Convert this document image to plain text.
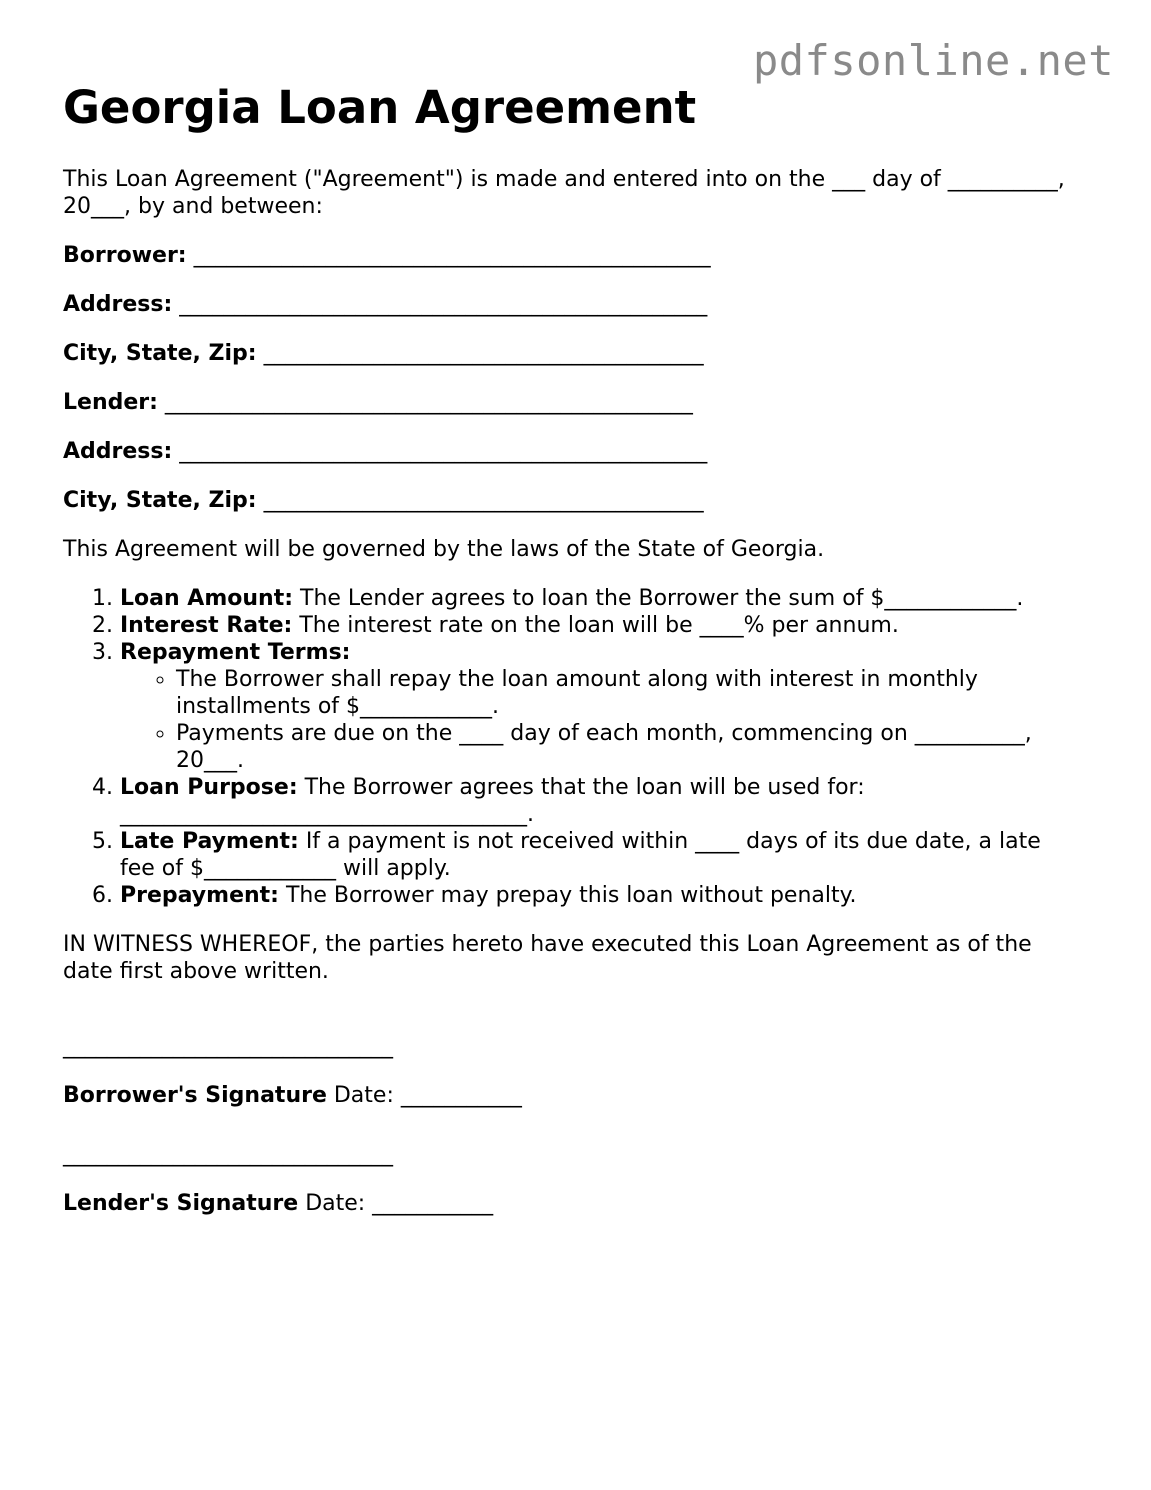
pdfsonline.net
Georgia Loan Agreement

This Loan Agreement ("Agreement") is made and entered into on the ___ day of __________, 20___, by and between:

Borrower: _______________________________________________
Address: ________________________________________________
City, State, Zip: ________________________________________
Lender: ________________________________________________
Address: ________________________________________________
City, State, Zip: ________________________________________

This Agreement will be governed by the laws of the State of Georgia.

1. Loan Amount: The Lender agrees to loan the Borrower the sum of $____________.
2. Interest Rate: The interest rate on the loan will be ____% per annum.
3. Repayment Terms:
◦ The Borrower shall repay the loan amount along with interest in monthly installments of $____________.
◦ Payments are due on the ____ day of each month, commencing on __________, 20___.
4. Loan Purpose: The Borrower agrees that the loan will be used for: _____________________________________.
5. Late Payment: If a payment is not received within ____ days of its due date, a late fee of $____________ will apply.
6. Prepayment: The Borrower may prepay this loan without penalty.

IN WITNESS WHEREOF, the parties hereto have executed this Loan Agreement as of the date first above written.

______________________________

Borrower's Signature Date: ___________

______________________________

Lender's Signature Date: ___________
